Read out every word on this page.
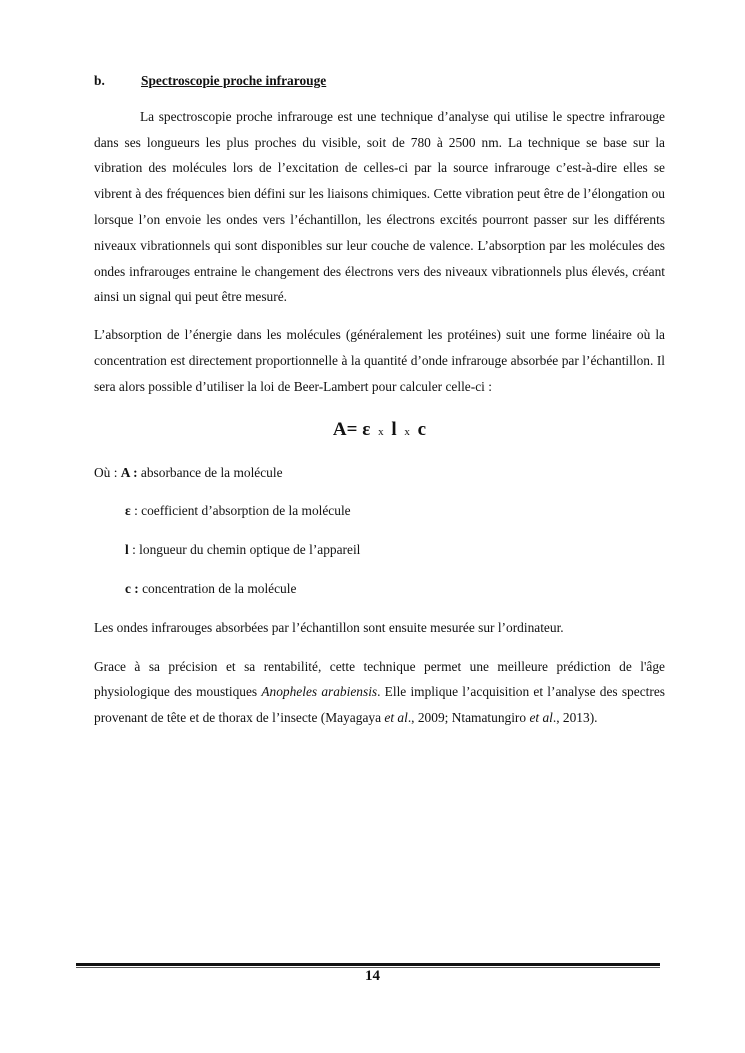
b.	Spectroscopie proche infrarouge

La spectroscopie proche infrarouge est une technique d’analyse qui utilise le spectre infrarouge dans ses longueurs les plus proches du visible, soit de 780 à 2500 nm. La technique se base sur la vibration des molécules lors de l’excitation de celles-ci par la source infrarouge c’est-à-dire elles se vibrent à des fréquences bien défini sur les liaisons chimiques. Cette vibration peut être de l’élongation ou lorsque l’on envoie les ondes vers l’échantillon, les électrons excités pourront passer sur les différents niveaux vibrationnels qui sont disponibles sur leur couche de valence. L’absorption par les molécules des ondes infrarouges entraine le changement des électrons vers des niveaux vibrationnels plus élevés, créant ainsi un signal qui peut être mesuré.

L’absorption de l’énergie dans les molécules (généralement les protéines) suit une forme linéaire où la concentration est directement proportionnelle à la quantité d’onde infrarouge absorbée par l’échantillon. Il sera alors possible d’utiliser la loi de Beer-Lambert pour calculer celle-ci :

A= ε x l x c

Où : A : absorbance de la molécule

ε : coefficient d’absorption de la molécule

l : longueur du chemin optique de l’appareil

c : concentration de la molécule

Les ondes infrarouges absorbées par l’échantillon sont ensuite mesurée sur l’ordinateur.

Grace à sa précision et sa rentabilité, cette technique permet une meilleure prédiction de l'âge physiologique des moustiques Anopheles arabiensis. Elle implique l’acquisition et l’analyse des spectres provenant de tête et de thorax de l’insecte (Mayagaya et al., 2009; Ntamatungiro et al., 2013).

14
